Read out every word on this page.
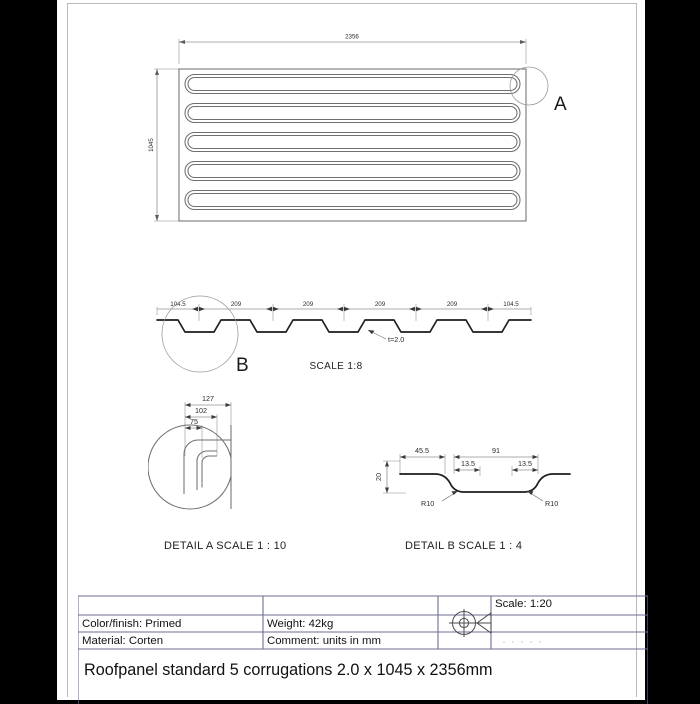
2356
1045
A
104.5	209	209	209	209	104.5
t=2.0
B	SCALE 1:8
127
102
75
DETAIL A SCALE 1 : 10
20
45.5	91
13.5	13.5
R10	R10
DETAIL B SCALE 1 : 4
Color/finish: Primed	Weight: 42kg
Material: Corten	Comment: units in mm
Scale: 1:20
Roofpanel standard 5 corrugations 2.0 x 1045 x 2356mm
